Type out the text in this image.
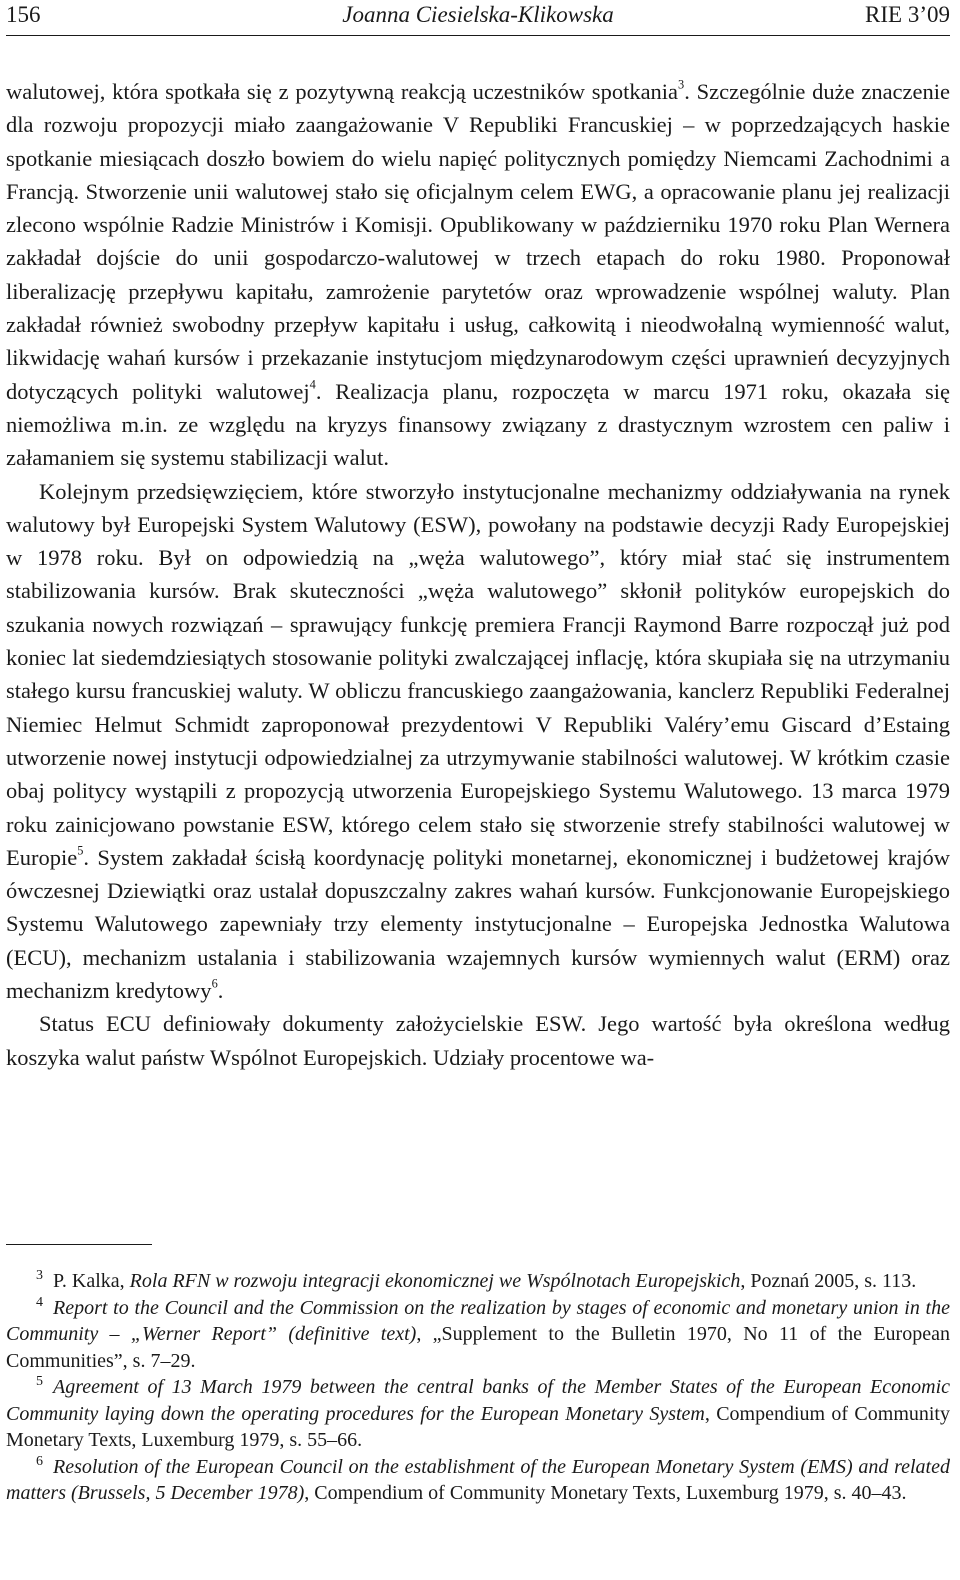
156	Joanna Ciesielska-Klikowska	RIE 3’09

walutowej, która spotkała się z pozytywną reakcją uczestników spotkania$^3$. Szczególnie duże znaczenie dla rozwoju propozycji miało zaangażowanie V Republiki Francuskiej – w poprzedzających haskie spotkanie miesiącach doszło bowiem do wielu napięć politycznych pomiędzy Niemcami Zachodnimi a Francją. Stworzenie unii walutowej stało się oficjalnym celem EWG, a opracowanie planu jej realizacji zlecono wspólnie Radzie Ministrów i Komisji. Opublikowany w październiku 1970 roku Plan Wernera zakładał dojście do unii gospodarczo-walutowej w trzech etapach do roku 1980. Proponował liberalizację przepływu kapitału, zamrożenie parytetów oraz wprowadzenie wspólnej waluty. Plan zakładał również swobodny przepływ kapitału i usług, całkowitą i nieodwołalną wymienność walut, likwidację wahań kursów i przekazanie instytucjom międzynarodowym części uprawnień decyzyjnych dotyczących polityki walutowej$^4$. Realizacja planu, rozpoczęta w marcu 1971 roku, okazała się niemożliwa m.in. ze względu na kryzys finansowy związany z drastycznym wzrostem cen paliw i załamaniem się systemu stabilizacji walut.

Kolejnym przedsięwzięciem, które stworzyło instytucjonalne mechanizmy oddziaływania na rynek walutowy był Europejski System Walutowy (ESW), powołany na podstawie decyzji Rady Europejskiej w 1978 roku. Był on odpowiedzią na „węża walutowego”, który miał stać się instrumentem stabilizowania kursów. Brak skuteczności „węża walutowego” skłonił polityków europejskich do szukania nowych rozwiązań – sprawujący funkcję premiera Francji Raymond Barre rozpoczął już pod koniec lat siedemdziesiątych stosowanie polityki zwalczającej inflację, która skupiała się na utrzymaniu stałego kursu francuskiej waluty. W obliczu francuskiego zaangażowania, kanclerz Republiki Federalnej Niemiec Helmut Schmidt zaproponował prezydentowi V Republiki Valéry’emu Giscard d’Estaing utworzenie nowej instytucji odpowiedzialnej za utrzymywanie stabilności walutowej. W krótkim czasie obaj politycy wystąpili z propozycją utworzenia Europejskiego Systemu Walutowego. 13 marca 1979 roku zainicjowano powstanie ESW, którego celem stało się stworzenie strefy stabilności walutowej w Europie$^5$. System zakładał ścisłą koordynację polityki monetarnej, ekonomicznej i budżetowej krajów ówczesnej Dziewiątki oraz ustalał dopuszczalny zakres wahań kursów. Funkcjonowanie Europejskiego Systemu Walutowego zapewniały trzy elementy instytucjonalne – Europejska Jednostka Walutowa (ECU), mechanizm ustalania i stabilizowania wzajemnych kursów wymiennych walut (ERM) oraz mechanizm kredytowy$^6$.

Status ECU definiowały dokumenty założycielskie ESW. Jego wartość była określona według koszyka walut państw Wspólnot Europejskich. Udziały procentowe wa-

$^3$ P. Kalka, Rola RFN w rozwoju integracji ekonomicznej we Wspólnotach Europejskich, Poznań 2005, s. 113.

$^4$ Report to the Council and the Commission on the realization by stages of economic and monetary union in the Community – „Werner Report” (definitive text), „Supplement to the Bulletin 1970, No 11 of the European Communities”, s. 7–29.

$^5$ Agreement of 13 March 1979 between the central banks of the Member States of the European Economic Community laying down the operating procedures for the European Monetary System, Compendium of Community Monetary Texts, Luxemburg 1979, s. 55–66.

$^6$ Resolution of the European Council on the establishment of the European Monetary System (EMS) and related matters (Brussels, 5 December 1978), Compendium of Community Monetary Texts, Luxemburg 1979, s. 40–43.
